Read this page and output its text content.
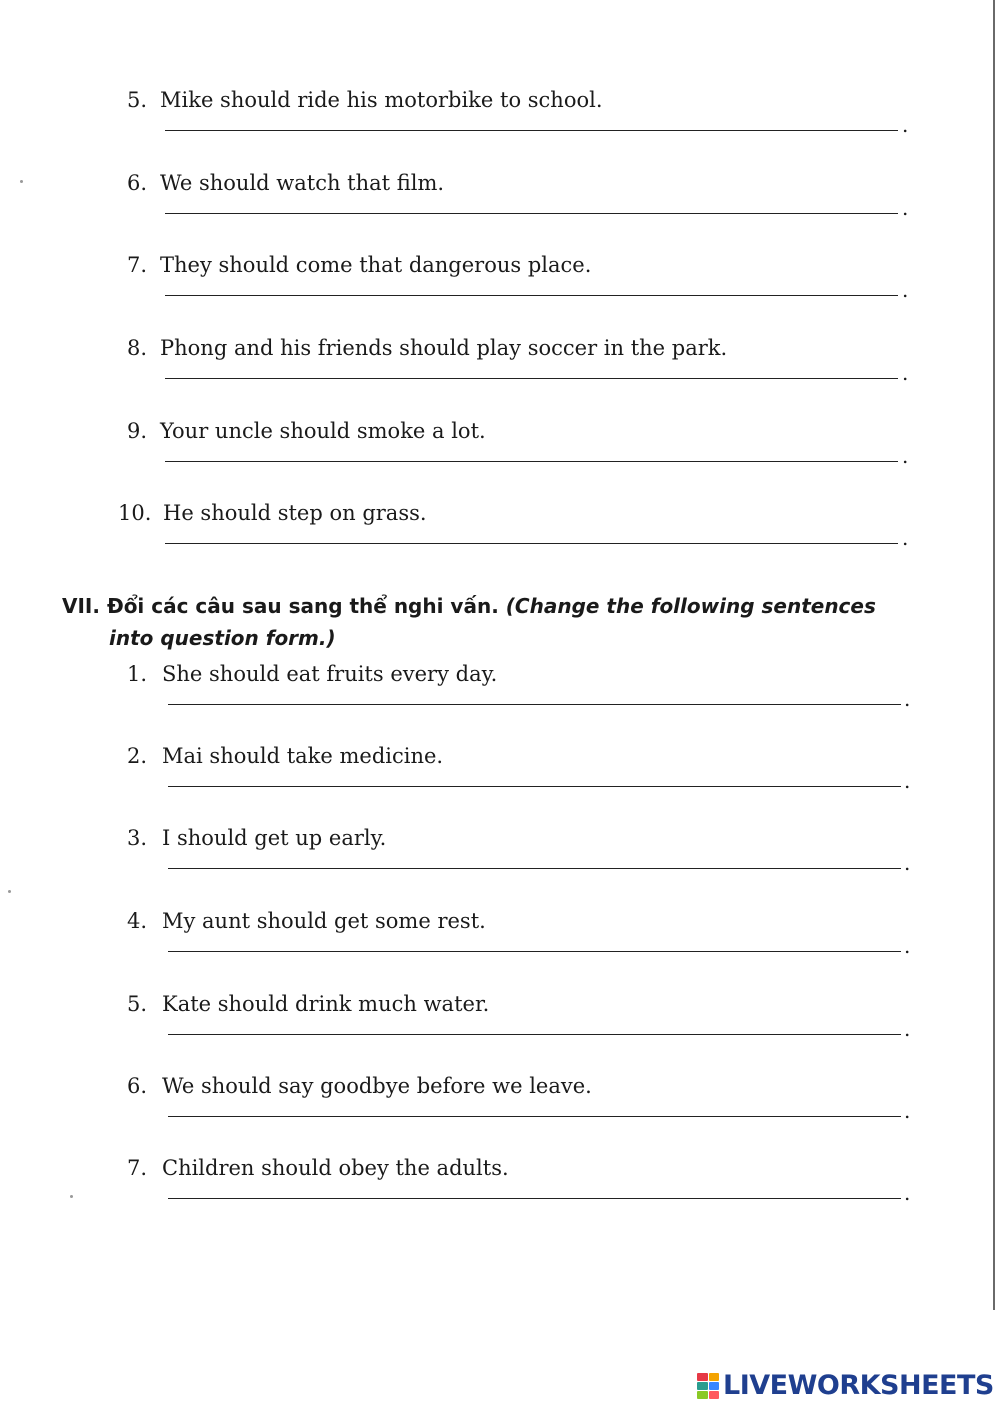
5. Mike should ride his motorbike to school.
.
6. We should watch that film.
.
7. They should come that dangerous place.
.
8. Phong and his friends should play soccer in the park.
.
9. Your uncle should smoke a lot.
.
10. He should step on grass.
.
VII. Đổi các câu sau sang thể nghi vấn. (Change the following sentences
into question form.)
1. She should eat fruits every day.
.
2. Mai should take medicine.
.
3. I should get up early.
.
4. My aunt should get some rest.
.
5. Kate should drink much water.
.
6. We should say goodbye before we leave.
.
7. Children should obey the adults.
.
LIVEWORKSHEETS
